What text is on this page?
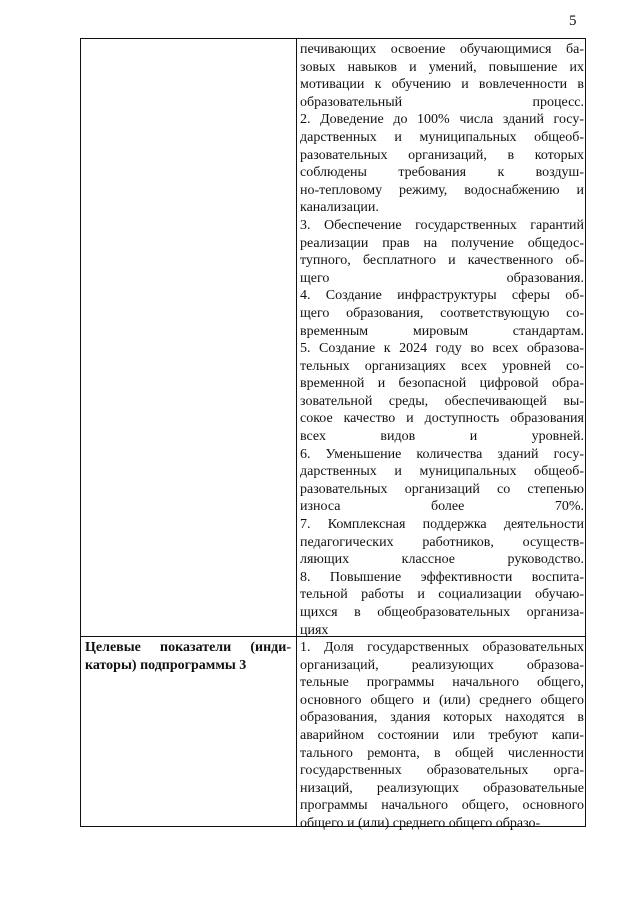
5
печивающих освоение обучающимися ба-
зовых навыков и умений, повышение их
мотивации к обучению и вовлеченности в
образовательный процесс.
2. Доведение до 100% числа зданий госу-
дарственных и муниципальных общеоб-
разовательных организаций, в которых
соблюдены требования к воздуш-
но-тепловому режиму, водоснабжению и
канализации.
3. Обеспечение государственных гарантий
реализации прав на получение общедос-
тупного, бесплатного и качественного об-
щего образования.
4. Создание инфраструктуры сферы об-
щего образования, соответствующую со-
временным мировым стандартам.
5. Создание к 2024 году во всех образова-
тельных организациях всех уровней со-
временной и безопасной цифровой обра-
зовательной среды, обеспечивающей вы-
сокое качество и доступность образования
всех видов и уровней.
6. Уменьшение количества зданий госу-
дарственных и муниципальных общеоб-
разовательных организаций со степенью
износа более 70%.
7. Комплексная поддержка деятельности
педагогических работников, осуществ-
ляющих классное руководство.
8. Повышение эффективности воспита-
тельной работы и социализации обучаю-
щихся в общеобразовательных организа-
циях
Целевые показатели (инди-
каторы) подпрограммы 3
1. Доля государственных образовательных
организаций, реализующих образова-
тельные программы начального общего,
основного общего и (или) среднего общего
образования, здания которых находятся в
аварийном состоянии или требуют капи-
тального ремонта, в общей численности
государственных образовательных орга-
низаций, реализующих образовательные
программы начального общего, основного
общего и (или) среднего общего образо-
